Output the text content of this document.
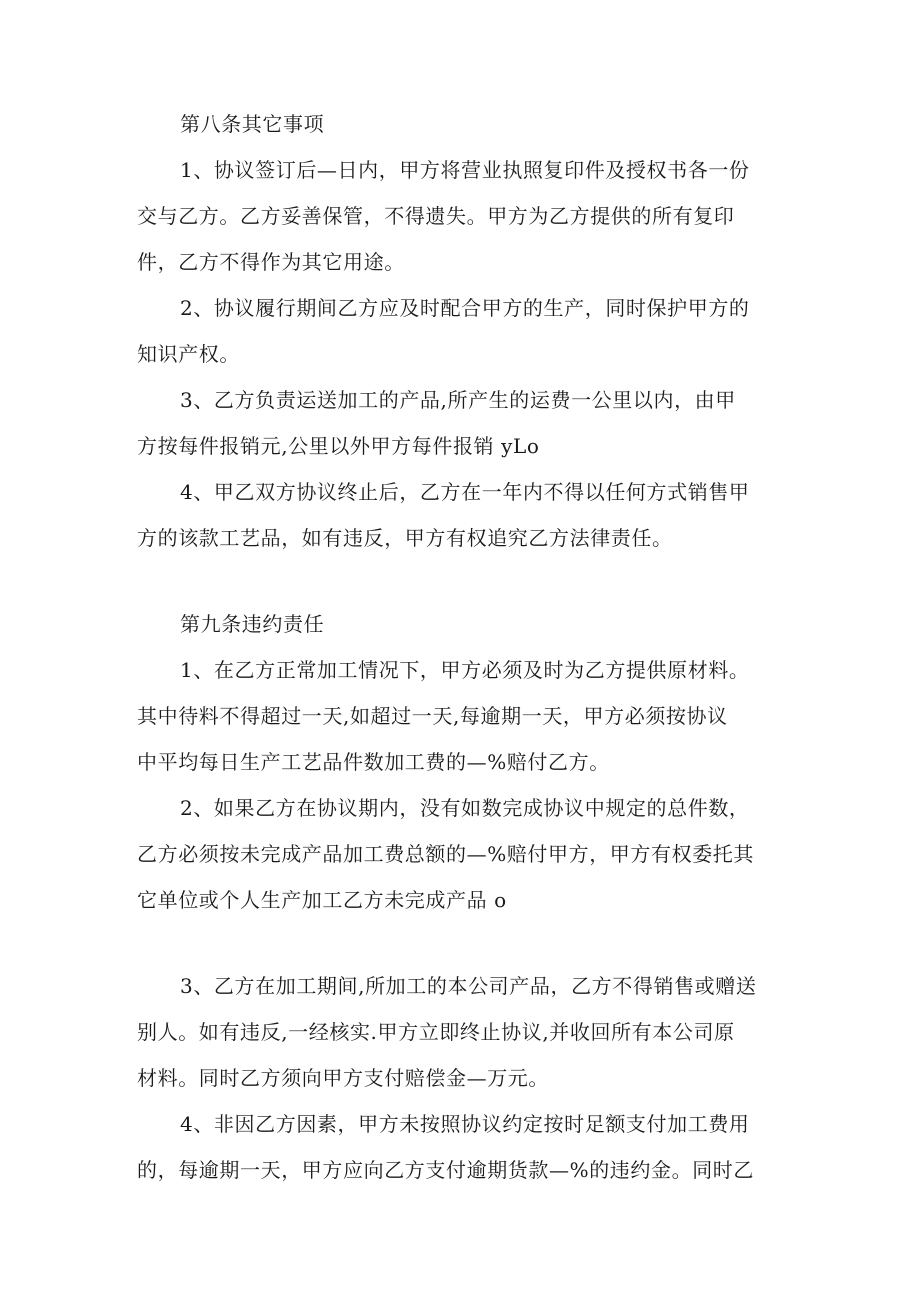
第八条其它事项
1、协议签订后—日内，甲方将营业执照复印件及授权书各一份
交与乙方。乙方妥善保管，不得遗失。甲方为乙方提供的所有复印
件，乙方不得作为其它用途。
2、协议履行期间乙方应及时配合甲方的生产，同时保护甲方的
知识产权。
3、乙方负责运送加工的产品,所产生的运费一公里以内，由甲
方按每件报销元,公里以外甲方每件报销 yLo
4、甲乙双方协议终止后，乙方在一年内不得以任何方式销售甲
方的该款工艺品，如有违反，甲方有权追究乙方法律责任。
第九条违约责任
1、在乙方正常加工情况下，甲方必须及时为乙方提供原材料。
其中待料不得超过一天,如超过一天,每逾期一天，甲方必须按协议
中平均每日生产工艺品件数加工费的—%赔付乙方。
2、如果乙方在协议期内，没有如数完成协议中规定的总件数，
乙方必须按未完成产品加工费总额的—%赔付甲方，甲方有权委托其
它单位或个人生产加工乙方未完成产品 o
3、乙方在加工期间,所加工的本公司产品，乙方不得销售或赠送
别人。如有违反,一经核实.甲方立即终止协议,并收回所有本公司原
材料。同时乙方须向甲方支付赔偿金—万元。
4、非因乙方因素，甲方未按照协议约定按时足额支付加工费用
的，每逾期一天，甲方应向乙方支付逾期货款—%的违约金。同时乙
